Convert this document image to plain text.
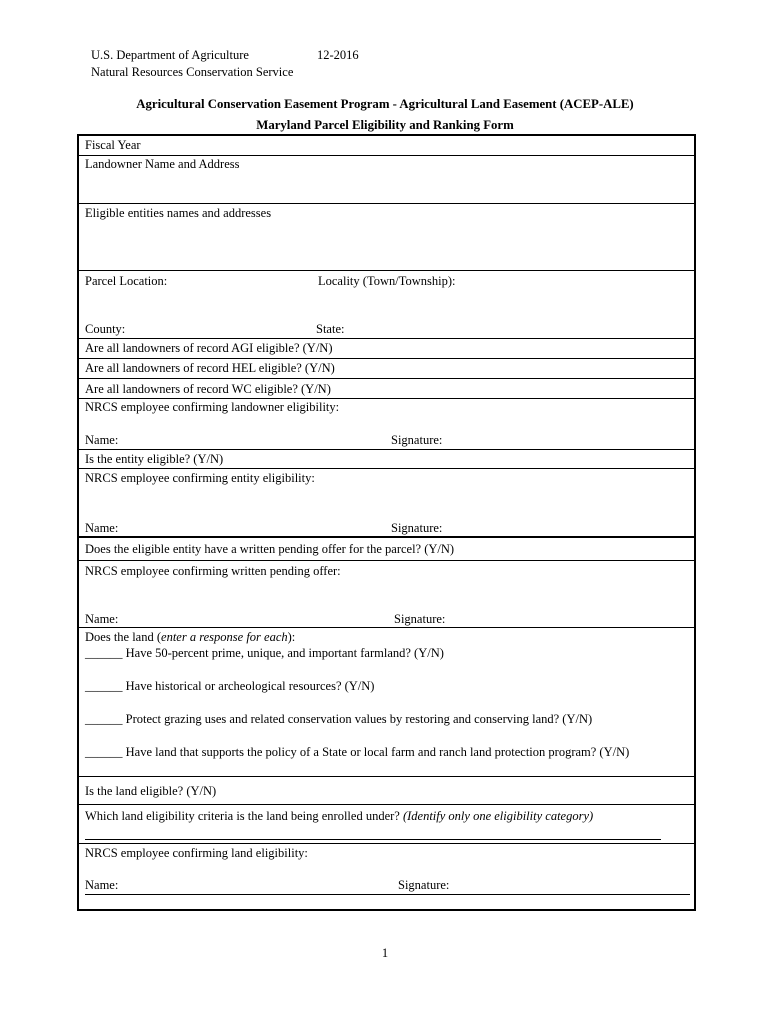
U.S. Department of Agriculture	12-2016
Natural Resources Conservation Service
Agricultural Conservation Easement Program - Agricultural Land Easement (ACEP-ALE)
Maryland Parcel Eligibility and Ranking Form
Fiscal Year
Landowner Name and Address
Eligible entities names and addresses
Parcel Location:	Locality (Town/Township):
County:	State:
Are all landowners of record AGI eligible? (Y/N)
Are all landowners of record HEL eligible? (Y/N)
Are all landowners of record WC eligible? (Y/N)
NRCS employee confirming landowner eligibility:
Name:	Signature:
Is the entity eligible? (Y/N)
NRCS employee confirming entity eligibility:
Name:	Signature:
Does the eligible entity have a written pending offer for the parcel? (Y/N)
NRCS employee confirming written pending offer:
Name:	Signature:
Does the land (enter a response for each):
______ Have 50-percent prime, unique, and important farmland? (Y/N)
______ Have historical or archeological resources? (Y/N)
______ Protect grazing uses and related conservation values by restoring and conserving land? (Y/N)
______ Have land that supports the policy of a State or local farm and ranch land protection program? (Y/N)
Is the land eligible? (Y/N)
Which land eligibility criteria is the land being enrolled under? (Identify only one eligibility category)
NRCS employee confirming land eligibility:
Name:	Signature:
1
